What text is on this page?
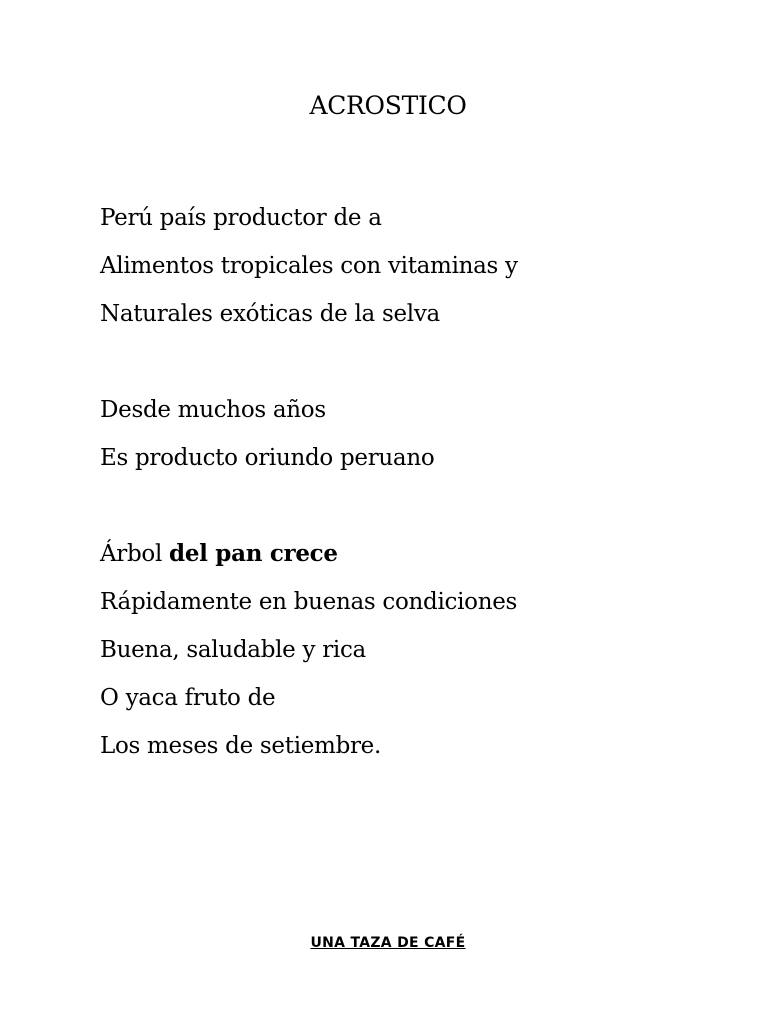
ACROSTICO
Perú país productor de a
Alimentos tropicales con vitaminas y
Naturales exóticas de la selva
Desde muchos años
Es producto oriundo peruano
Árbol del pan crece
Rápidamente en buenas condiciones
Buena, saludable y rica
O yaca fruto de
Los meses de setiembre.
UNA TAZA DE CAFÉ
